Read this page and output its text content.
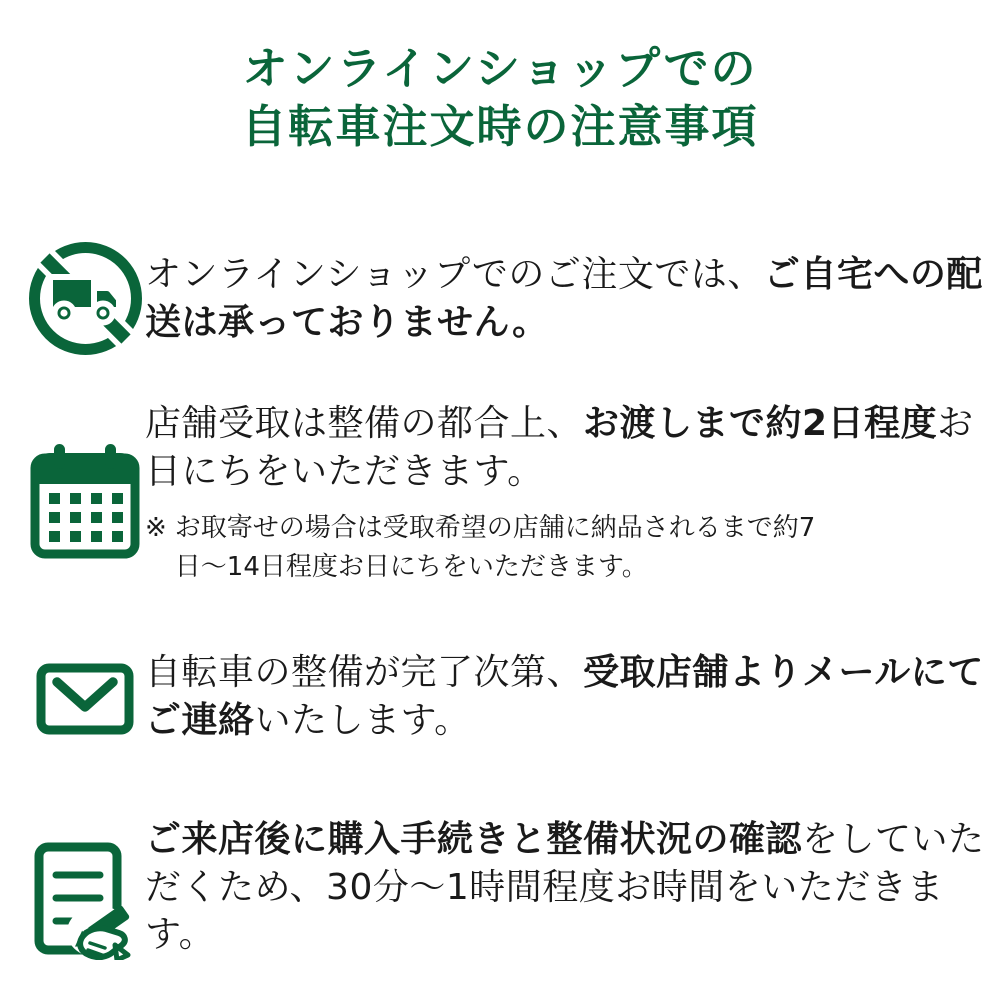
オンラインショップでの
自転車注文時の注意事項

オンラインショップでのご注文では、ご自宅への配送は承っておりません。

店舗受取は整備の都合上、お渡しまで約2日程度お日にちをいただきます。

※ お取寄せの場合は受取希望の店舗に納品されるまで約7日〜14日程度お日にちをいただきます。

自転車の整備が完了次第、受取店舗よりメールにてご連絡いたします。

ご来店後に購入手続きと整備状況の確認をしていただくため、30分〜1時間程度お時間をいただきます。
